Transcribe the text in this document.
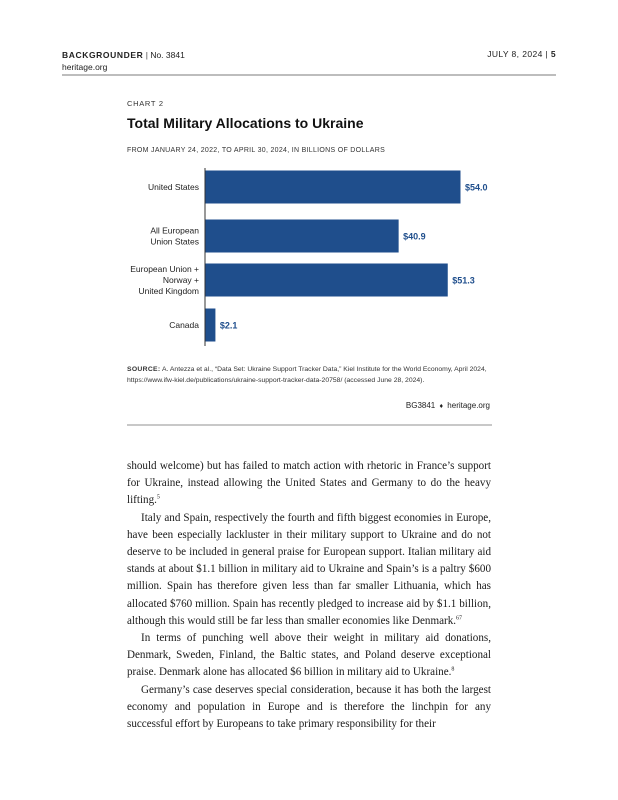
BACKGROUNDER | No. 3841
heritage.org
JULY 8, 2024 | 5
CHART 2
Total Military Allocations to Ukraine
FROM JANUARY 24, 2022, TO APRIL 30, 2024, IN BILLIONS OF DOLLARS
$54.0
United States
$40.9
All European Union States
$51.3
European Union + Norway + United Kingdom
$2.1
Canada
SOURCE: A. Antezza et al., “Data Set: Ukraine Support Tracker Data,” Kiel Institute for the World Economy, April 2024, https://www.ifw-kiel.de/publications/ukraine-support-tracker-data-20758/ (accessed June 28, 2024).
BG3841 ♦ heritage.org

should welcome) but has failed to match action with rhetoric in France’s support for Ukraine, instead allowing the United States and Germany to do the heavy lifting.$^5$

Italy and Spain, respectively the fourth and fifth biggest economies in Europe, have been especially lackluster in their military support to Ukraine and do not deserve to be included in general praise for European support. Italian military aid stands at about $1.1 billion in military aid to Ukraine and Spain’s is a paltry $600 million. Spain has therefore given less than far smaller Lithuania, which has allocated $760 million. Spain has recently pledged to increase aid by $1.1 billion, although this would still be far less than smaller economies like Denmark.$^{67}$

In terms of punching well above their weight in military aid donations, Denmark, Sweden, Finland, the Baltic states, and Poland deserve exceptional praise. Denmark alone has allocated $6 billion in military aid to Ukraine.$^8$

Germany’s case deserves special consideration, because it has both the largest economy and population in Europe and is therefore the linchpin for any successful effort by Europeans to take primary responsibility for their
